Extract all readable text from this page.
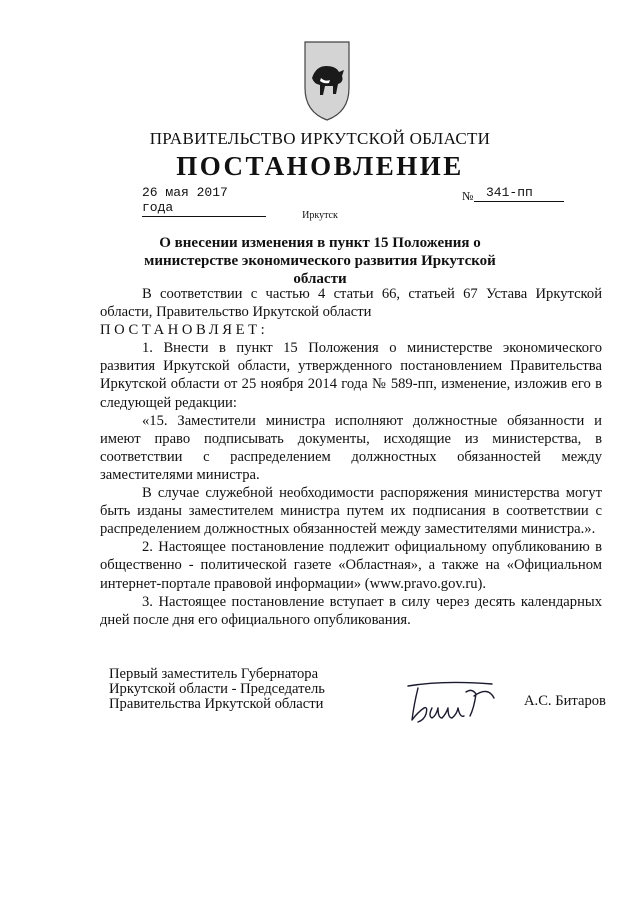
ПРАВИТЕЛЬСТВО ИРКУТСКОЙ ОБЛАСТИ
ПОСТАНОВЛЕНИЕ
26 мая 2017 года
№ 341-пп
Иркутск
О внесении изменения в пункт 15 Положения о министерстве экономического развития Иркутской области

В соответствии с частью 4 статьи 66, статьей 67 Устава Иркутской области, Правительство Иркутской области

ПОСТАНОВЛЯЕТ:

1. Внести в пункт 15 Положения о министерстве экономического развития Иркутской области, утвержденного постановлением Правительства Иркутской области от 25 ноября 2014 года № 589-пп, изменение, изложив его в следующей редакции:

«15. Заместители министра исполняют должностные обязанности и имеют право подписывать документы, исходящие из министерства, в соответствии с распределением должностных обязанностей между заместителями министра.

В случае служебной необходимости распоряжения министерства могут быть изданы заместителем министра путем их подписания в соответствии с распределением должностных обязанностей между заместителями министра.».

2. Настоящее постановление подлежит официальному опубликованию в общественно - политической газете «Областная», а также на «Официальном интернет-портале правовой информации» (www.pravo.gov.ru).

3. Настоящее постановление вступает в силу через десять календарных дней после дня его официального опубликования.

Первый заместитель Губернатора
Иркутской области - Председатель
Правительства Иркутской области	А.С. Битаров
